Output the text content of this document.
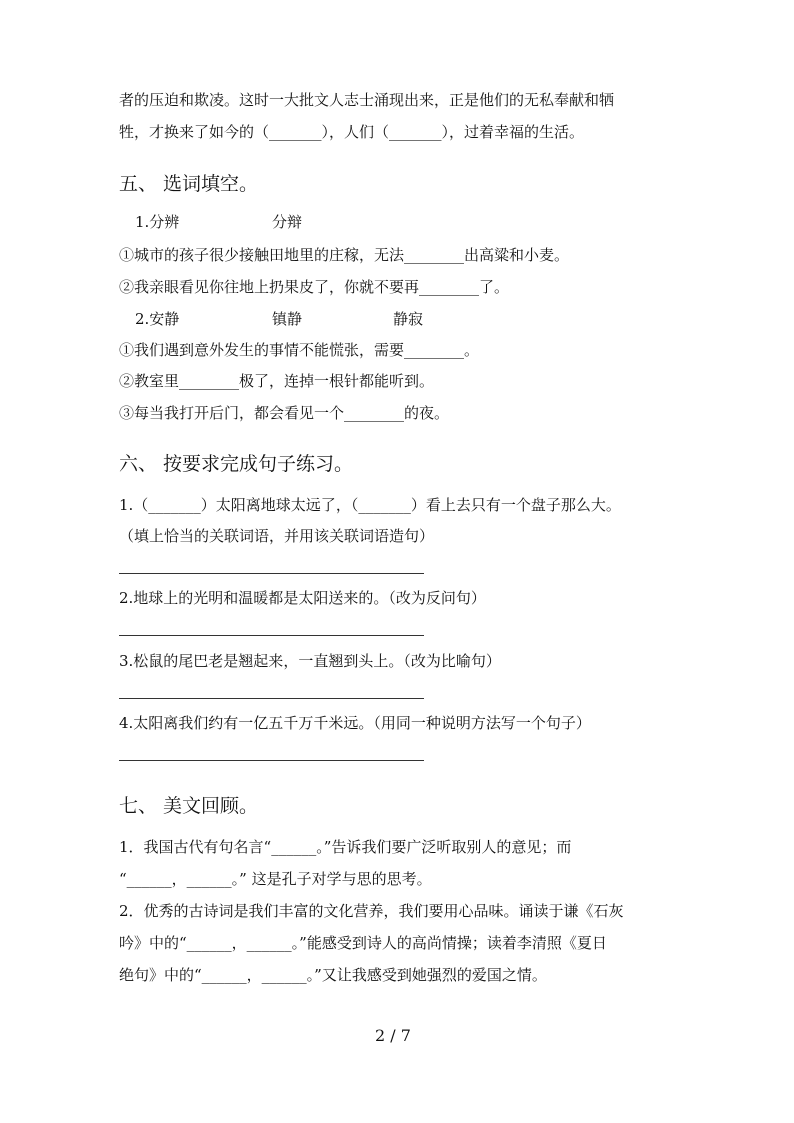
者的压迫和欺凌。这时一大批文人志士涌现出来，正是他们的无私奉献和牺
牲，才换来了如今的（_______），人们（_______），过着幸福的生活。
五、 选词填空。
1.分辨	分辩
①城市的孩子很少接触田地里的庄稼，无法________出高粱和小麦。
②我亲眼看见你往地上扔果皮了，你就不要再________了。
2.安静	镇静	静寂
①我们遇到意外发生的事情不能慌张，需要________。
②教室里________极了，连掉一根针都能听到。
③每当我打开后门，都会看见一个________的夜。
六、 按要求完成句子练习。
1.（_______）太阳离地球太远了，（_______）看上去只有一个盘子那么大。
（填上恰当的关联词语，并用该关联词语造句）
2.地球上的光明和温暖都是太阳送来的。（改为反问句）
3.松鼠的尾巴老是翘起来，一直翘到头上。（改为比喻句）
4.太阳离我们约有一亿五千万千米远。（用同一种说明方法写一个句子）
七、 美文回顾。
1．我国古代有句名言“______。”告诉我们要广泛听取别人的意见；而
“______，______。” 这是孔子对学与思的思考。
2．优秀的古诗词是我们丰富的文化营养，我们要用心品味。诵读于谦《石灰
吟》中的“______，______。”能感受到诗人的高尚情操；读着李清照《夏日
绝句》中的“______，______。”又让我感受到她强烈的爱国之情。
2 / 7
